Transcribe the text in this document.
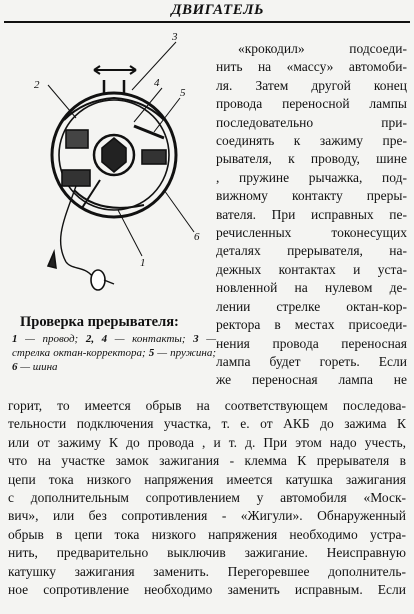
ДВИГАТЕЛЬ
3
2	4
5
6
1
Проверка прерывателя:
1 — провод; 2, 4 — контакты; 3 — стрелка октан-корректора; 5 — пружина; 6 — шина
«крокодил» подсоеди-
нить на «массу» автомоби-
ля. Затем другой конец
провода переносной лампы
последовательно при-
соединять к зажиму пре-
рывателя, к проводу, шине
, пружине рычажка, под-
вижному контакту преры-
вателя. При исправных пе-
речисленных токонесущих
деталях прерывателя, на-
дежных контактах и уста-
новленной на нулевом де-
лении стрелке октан-кор-
ректора в местах присоеди-
нения провода переносная
лампа будет гореть. Если
же переносная лампа не
горит, то имеется обрыв на соответствующем последова-
тельности подключения участка, т. е. от АКБ до зажима К
или от зажиму К до провода , и т. д. При этом надо учесть,
что на участке замок зажигания - клемма К прерывателя в
цепи тока низкого напряжения имеется катушка зажигания
с дополнительным сопротивлением у автомобиля «Моск-
вич», или без сопротивления - «Жигули». Обнаруженный
обрыв в цепи тока низкого напряжения необходимо устра-
нить, предварительно выключив зажигание. Неисправную
катушку зажигания заменить. Перегоревшее дополнитель-
ное сопротивление необходимо заменить исправным. Если
